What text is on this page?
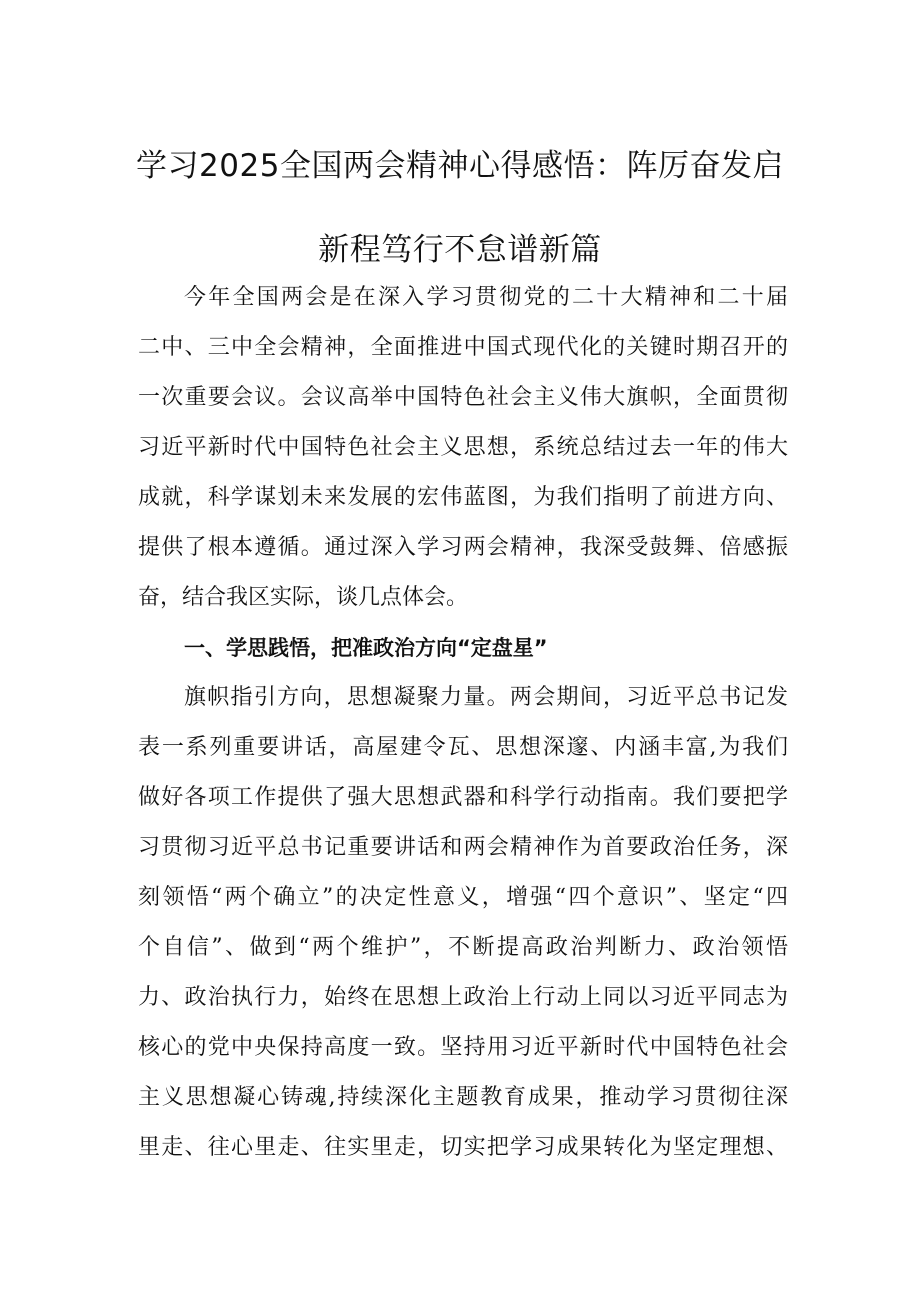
学习2025全国两会精神心得感悟：阵厉奋发启
新程笃行不怠谱新篇
今年全国两会是在深入学习贯彻党的二十大精神和二十届
二中、三中全会精神，全面推进中国式现代化的关键时期召开的
一次重要会议。会议高举中国特色社会主义伟大旗帜，全面贯彻
习近平新时代中国特色社会主义思想，系统总结过去一年的伟大
成就，科学谋划未来发展的宏伟蓝图，为我们指明了前进方向、
提供了根本遵循。通过深入学习两会精神，我深受鼓舞、倍感振
奋，结合我区实际，谈几点体会。
一、学思践悟，把准政治方向“定盘星”
旗帜指引方向，思想凝聚力量。两会期间，习近平总书记发
表一系列重要讲话，高屋建令瓦、思想深邃、内涵丰富,为我们
做好各项工作提供了强大思想武器和科学行动指南。我们要把学
习贯彻习近平总书记重要讲话和两会精神作为首要政治任务，深
刻领悟“两个确立”的决定性意义，增强“四个意识”、坚定“四
个自信”、做到“两个维护”，不断提高政治判断力、政治领悟
力、政治执行力，始终在思想上政治上行动上同以习近平同志为
核心的党中央保持高度一致。坚持用习近平新时代中国特色社会
主义思想凝心铸魂,持续深化主题教育成果，推动学习贯彻往深
里走、往心里走、往实里走，切实把学习成果转化为坚定理想、
